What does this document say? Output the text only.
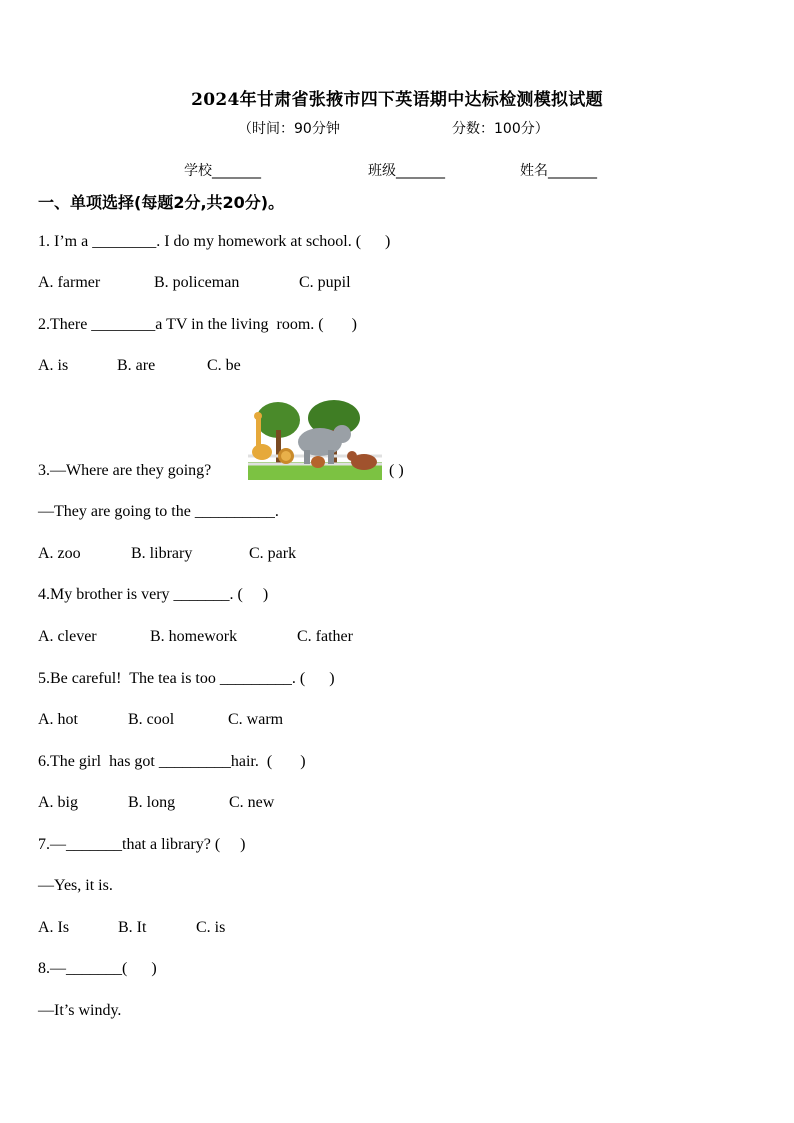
2024年甘肃省张掖市四下英语期中达标检测模拟试题
（时间：90分钟	分数：100分）
学校_______	班级_______	姓名_______
一、单项选择(每题2分,共20分)。
1. I’m a ________. I do my homework at school. (      )
A. farmer	B. policeman	C. pupil
2.There ________a TV in the living  room. (       )
A. is	B. are	C. be
3.—Where are they going?	( )
—They are going to the __________.
A. zoo	B. library	C. park
4.My brother is very _______. (     )
A. clever	B. homework	C. father
5.Be careful!  The tea is too _________. (      )
A. hot	B. cool	C. warm
6.The girl  has got _________hair.  (       )
A. big	B. long	C. new
7.—_______that a library? (     )
—Yes, it is.
A. Is	B. It	C. is
8.—_______(      )
—It’s windy.
